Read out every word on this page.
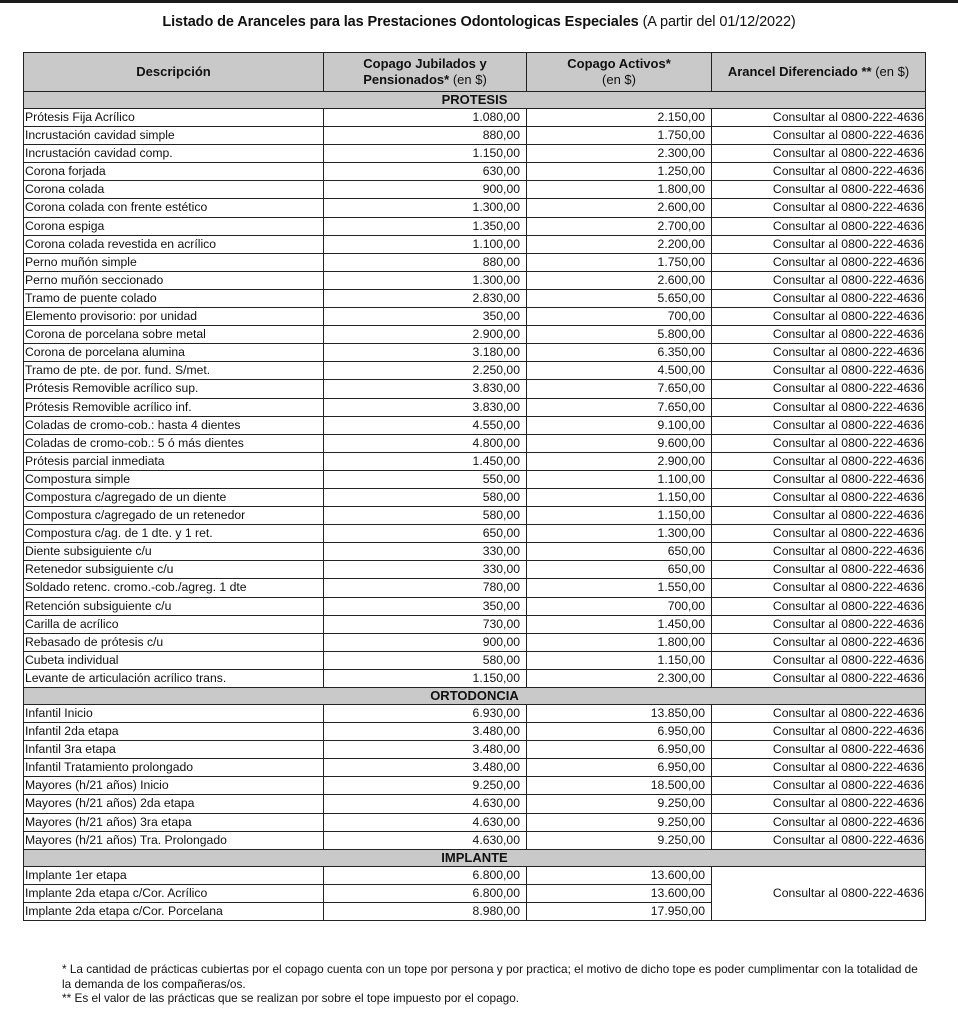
Listado de Aranceles para las Prestaciones Odontologicas Especiales (A partir del 01/12/2022)
Descripción	Copago Jubilados y Pensionados* (en $)	Copago Activos*
(en $)	Arancel Diferenciado ** (en $)
PROTESIS			
Prótesis Fija Acrílico	1.080,00	2.150,00	Consultar al 0800-222-4636
Incrustación cavidad simple	880,00	1.750,00	Consultar al 0800-222-4636
Incrustación cavidad comp.	1.150,00	2.300,00	Consultar al 0800-222-4636
Corona forjada	630,00	1.250,00	Consultar al 0800-222-4636
Corona colada	900,00	1.800,00	Consultar al 0800-222-4636
Corona colada con frente estético	1.300,00	2.600,00	Consultar al 0800-222-4636
Corona espiga	1.350,00	2.700,00	Consultar al 0800-222-4636
Corona colada revestida en acrílico	1.100,00	2.200,00	Consultar al 0800-222-4636
Perno muñón simple	880,00	1.750,00	Consultar al 0800-222-4636
Perno muñón seccionado	1.300,00	2.600,00	Consultar al 0800-222-4636
Tramo de puente colado	2.830,00	5.650,00	Consultar al 0800-222-4636
Elemento provisorio: por unidad	350,00	700,00	Consultar al 0800-222-4636
Corona de porcelana sobre metal	2.900,00	5.800,00	Consultar al 0800-222-4636
Corona de porcelana alumina	3.180,00	6.350,00	Consultar al 0800-222-4636
Tramo de pte. de por. fund. S/met.	2.250,00	4.500,00	Consultar al 0800-222-4636
Prótesis Removible acrílico sup.	3.830,00	7.650,00	Consultar al 0800-222-4636
Prótesis Removible acrílico inf.	3.830,00	7.650,00	Consultar al 0800-222-4636
Coladas de cromo-cob.: hasta 4 dientes	4.550,00	9.100,00	Consultar al 0800-222-4636
Coladas de cromo-cob.: 5 ó más dientes	4.800,00	9.600,00	Consultar al 0800-222-4636
Prótesis parcial inmediata	1.450,00	2.900,00	Consultar al 0800-222-4636
Compostura simple	550,00	1.100,00	Consultar al 0800-222-4636
Compostura c/agregado de un diente	580,00	1.150,00	Consultar al 0800-222-4636
Compostura c/agregado de un retenedor	580,00	1.150,00	Consultar al 0800-222-4636
Compostura c/ag. de 1 dte. y 1 ret.	650,00	1.300,00	Consultar al 0800-222-4636
Diente subsiguiente c/u	330,00	650,00	Consultar al 0800-222-4636
Retenedor subsiguiente c/u	330,00	650,00	Consultar al 0800-222-4636
Soldado retenc. cromo.-cob./agreg. 1 dte	780,00	1.550,00	Consultar al 0800-222-4636
Retención subsiguiente c/u	350,00	700,00	Consultar al 0800-222-4636
Carilla de acrílico	730,00	1.450,00	Consultar al 0800-222-4636
Rebasado de prótesis c/u	900,00	1.800,00	Consultar al 0800-222-4636
Cubeta individual	580,00	1.150,00	Consultar al 0800-222-4636
Levante de articulación acrílico trans.	1.150,00	2.300,00	Consultar al 0800-222-4636
ORTODONCIA			
Infantil Inicio	6.930,00	13.850,00	Consultar al 0800-222-4636
Infantil 2da etapa	3.480,00	6.950,00	Consultar al 0800-222-4636
Infantil 3ra etapa	3.480,00	6.950,00	Consultar al 0800-222-4636
Infantil Tratamiento prolongado	3.480,00	6.950,00	Consultar al 0800-222-4636
Mayores (h/21 años) Inicio	9.250,00	18.500,00	Consultar al 0800-222-4636
Mayores (h/21 años) 2da etapa	4.630,00	9.250,00	Consultar al 0800-222-4636
Mayores (h/21 años) 3ra etapa	4.630,00	9.250,00	Consultar al 0800-222-4636
Mayores (h/21 años) Tra. Prolongado	4.630,00	9.250,00	Consultar al 0800-222-4636
IMPLANTE			
Implante 1er etapa	6.800,00	13.600,00	Consultar al 0800-222-4636
Implante 2da etapa c/Cor. Acrílico	6.800,00	13.600,00	
Implante 2da etapa c/Cor. Porcelana	8.980,00	17.950,00	

* La cantidad de prácticas cubiertas por el copago cuenta con un tope por persona y por practica; el motivo de dicho tope es poder cumplimentar con la totalidad de la demanda de los compañeras/os.

** Es el valor de las prácticas que se realizan por sobre el tope impuesto por el copago.
